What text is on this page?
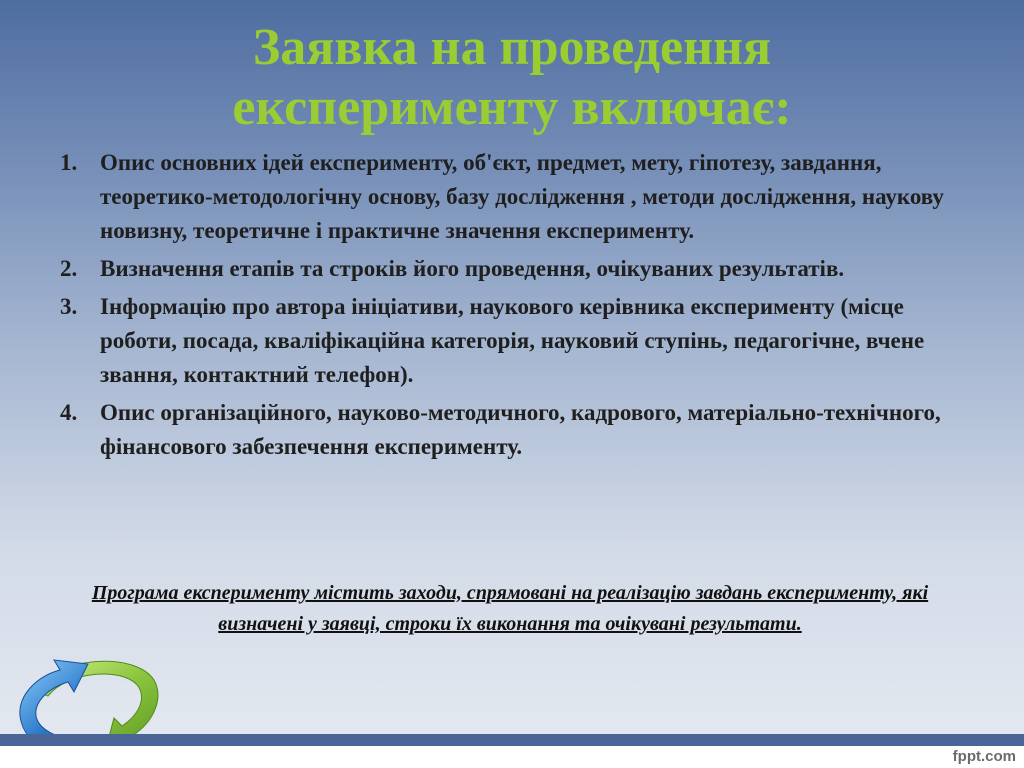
Заявка на проведення
експерименту включає:
1. Опис основних ідей експерименту, об'єкт, предмет, мету, гіпотезу, завдання, теоретико-методологічну основу, базу дослідження , методи дослідження, наукову новизну, теоретичне і практичне значення експерименту.
2. Визначення етапів та строків його проведення, очікуваних результатів.
3. Інформацію про автора ініціативи, наукового керівника експерименту (місце роботи, посада, кваліфікаційна категорія, науковий ступінь, педагогічне, вчене звання, контактний телефон).
4. Опис організаційного, науково-методичного, кадрового, матеріально-технічного, фінансового забезпечення експерименту.
Програма експерименту містить заходи, спрямовані на реалізацію завдань експерименту, які визначені у заявці, строки їх виконання та очікувані результати.
fppt.com
